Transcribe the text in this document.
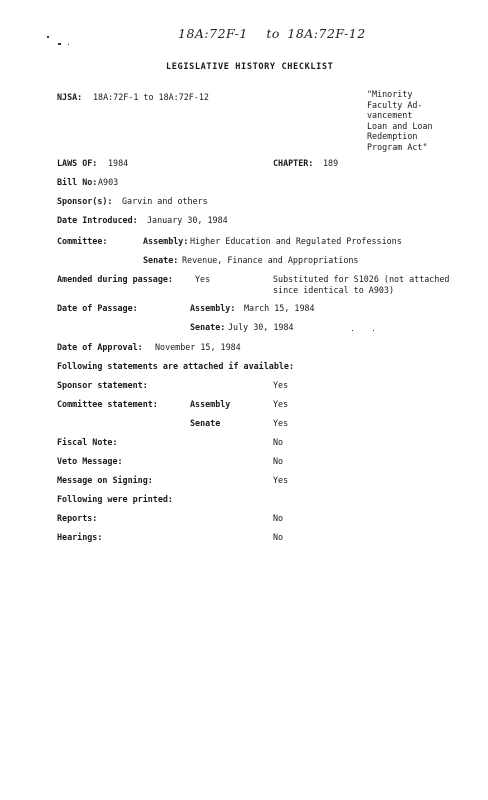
18A:72F-1 to 18A:72F-12
LEGISLATIVE HISTORY CHECKLIST
NJSA: 18A:72F-1 to 18A:72F-12	"Minority
Faculty Ad-
vancement
Loan and Loan
Redemption
Program Act"
LAWS OF: 1984	CHAPTER: 189
Bill No: A903
Sponsor(s): Garvin and others
Date Introduced: January 30, 1984
Committee:	Assembly: Higher Education and Regulated Professions
Senate: Revenue, Finance and Appropriations
Amended during passage:	Yes	Substituted for S1026 (not attached
since identical to A903)
Date of Passage:	Assembly: March 15, 1984
Senate: July 30, 1984
Date of Approval: November 15, 1984
Following statements are attached if available:
Sponsor statement:	Yes
Committee statement:	Assembly	Yes
Senate	Yes
Fiscal Note:	No
Veto Message:	No
Message on Signing:	Yes
Following were printed:
Reports:	No
Hearings:	No
